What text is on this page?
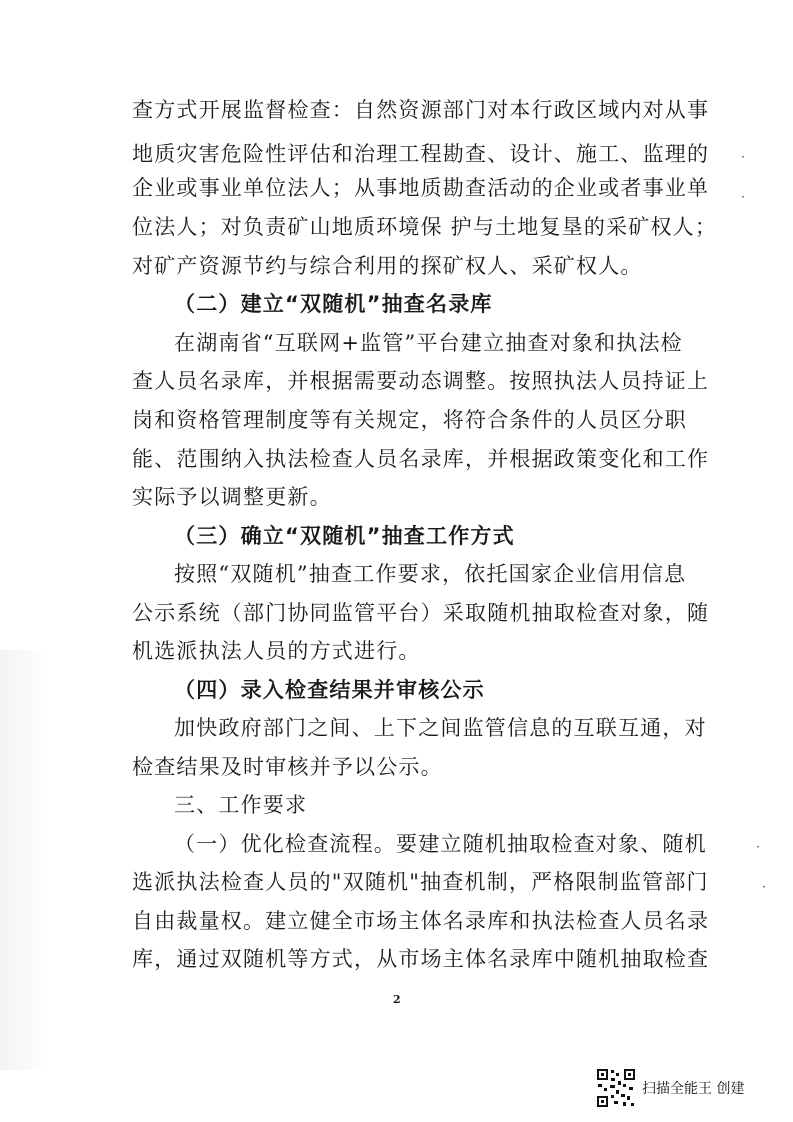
查方式开展监督检查：自然资源部门对本行政区域内对从事
地质灾害危险性评估和治理工程勘查、设计、施工、监理的
企业或事业单位法人；从事地质勘查活动的企业或者事业单
位法人；对负责矿山地质环境保 护与土地复垦的采矿权人；
对矿产资源节约与综合利用的探矿权人、采矿权人。
（二）建立“双随机”抽查名录库
在湖南省“互联网+监管”平台建立抽查对象和执法检
查人员名录库，并根据需要动态调整。按照执法人员持证上
岗和资格管理制度等有关规定，将符合条件的人员区分职
能、范围纳入执法检查人员名录库，并根据政策变化和工作
实际予以调整更新。
（三）确立“双随机”抽查工作方式
按照“双随机”抽查工作要求，依托国家企业信用信息
公示系统（部门协同监管平台）采取随机抽取检查对象，随
机选派执法人员的方式进行。
（四）录入检查结果并审核公示
加快政府部门之间、上下之间监管信息的互联互通，对
检查结果及时审核并予以公示。
三、工作要求
（一）优化检查流程。要建立随机抽取检查对象、随机
选派执法检查人员的"双随机"抽查机制，严格限制监管部门
自由裁量权。建立健全市场主体名录库和执法检查人员名录
库，通过双随机等方式，从市场主体名录库中随机抽取检查
2
·
·
·
·
扫描全能王 创建
